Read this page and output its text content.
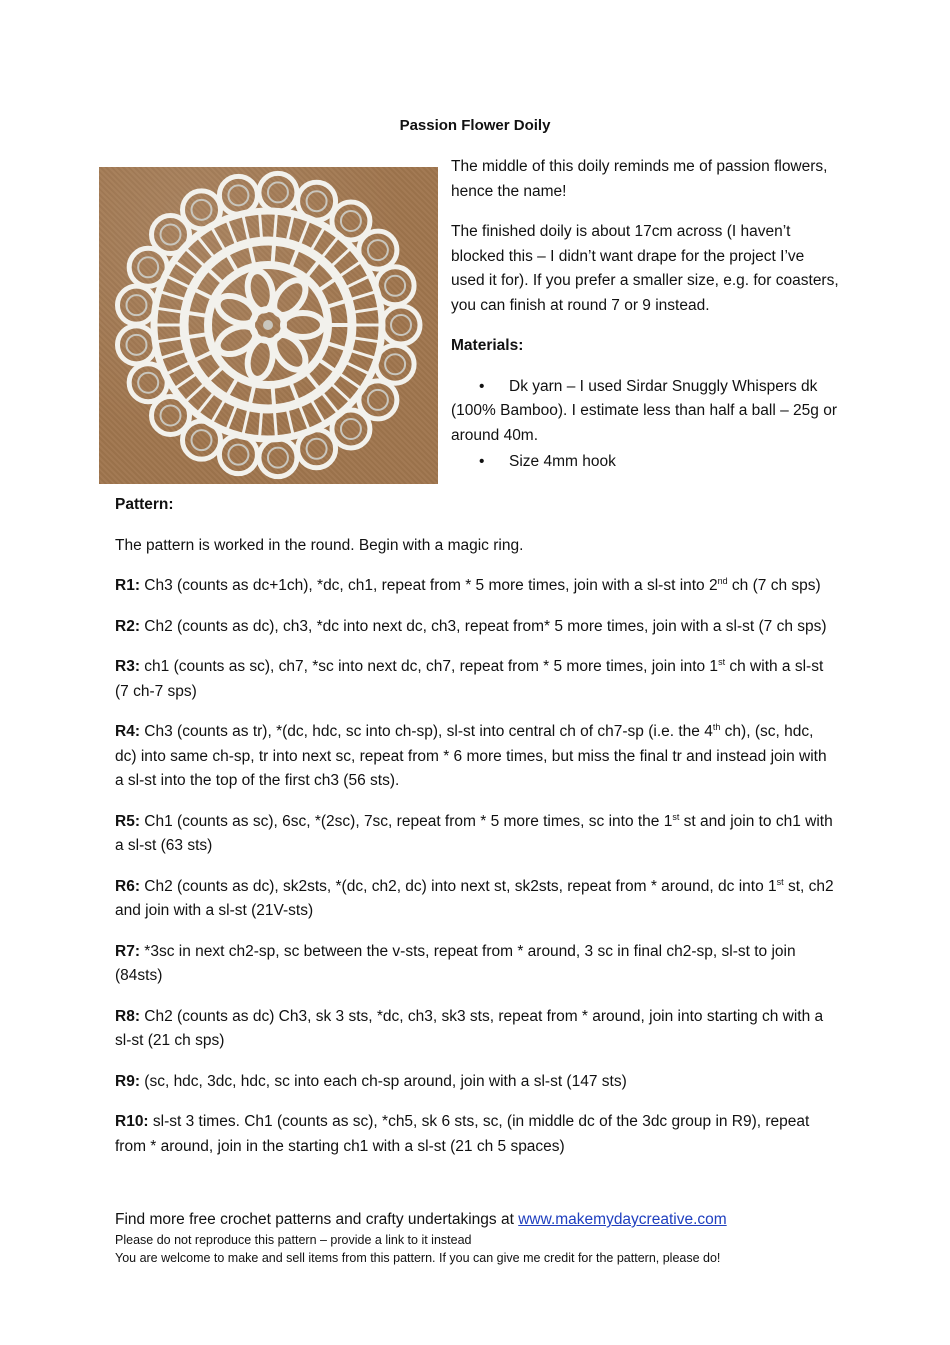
Passion Flower Doily

The middle of this doily reminds me of passion flowers, hence the name!

The finished doily is about 17cm across (I haven’t blocked this – I didn’t want drape for the project I’ve used it for). If you prefer a smaller size, e.g. for coasters, you can finish at round 7 or 9 instead.

Materials:

•	Dk yarn – I used Sirdar Snuggly Whispers dk (100% Bamboo). I estimate less than half a ball – 25g or around 40m.
•	Size 4mm hook

Pattern:

The pattern is worked in the round. Begin with a magic ring.

R1: Ch3 (counts as dc+1ch), *dc, ch1, repeat from * 5 more times, join with a sl-st into 2nd ch (7 ch sps)

R2: Ch2 (counts as dc), ch3, *dc into next dc, ch3, repeat from* 5 more times, join with a sl-st (7 ch sps)

R3: ch1 (counts as sc), ch7, *sc into next dc, ch7, repeat from * 5 more times, join into 1st ch with a sl-st (7 ch-7 sps)

R4: Ch3 (counts as tr), *(dc, hdc, sc into ch-sp), sl-st into central ch of ch7-sp (i.e. the 4th ch), (sc, hdc, dc) into same ch-sp, tr into next sc, repeat from * 6 more times, but miss the final tr and instead join with a sl-st into the top of the first ch3 (56 sts).

R5: Ch1 (counts as sc), 6sc, *(2sc), 7sc, repeat from * 5 more times, sc into the 1st st and join to ch1 with a sl-st (63 sts)

R6: Ch2 (counts as dc), sk2sts, *(dc, ch2, dc) into next st, sk2sts, repeat from * around, dc into 1st st, ch2 and join with a sl-st (21V-sts)

R7: *3sc in next ch2-sp, sc between the v-sts, repeat from * around, 3 sc in final ch2-sp, sl-st to join (84sts)

R8: Ch2 (counts as dc) Ch3, sk 3 sts, *dc, ch3, sk3 sts, repeat from * around, join into starting ch with a sl-st (21 ch sps)

R9: (sc, hdc, 3dc, hdc, sc into each ch-sp around, join with a sl-st (147 sts)

R10: sl-st 3 times. Ch1 (counts as sc), *ch5, sk 6 sts, sc, (in middle dc of the 3dc group in R9), repeat from * around, join in the starting ch1 with a sl-st (21 ch 5 spaces)

Find more free crochet patterns and crafty undertakings at www.makemydaycreative.com
Please do not reproduce this pattern – provide a link to it instead
You are welcome to make and sell items from this pattern. If you can give me credit for the pattern, please do!
